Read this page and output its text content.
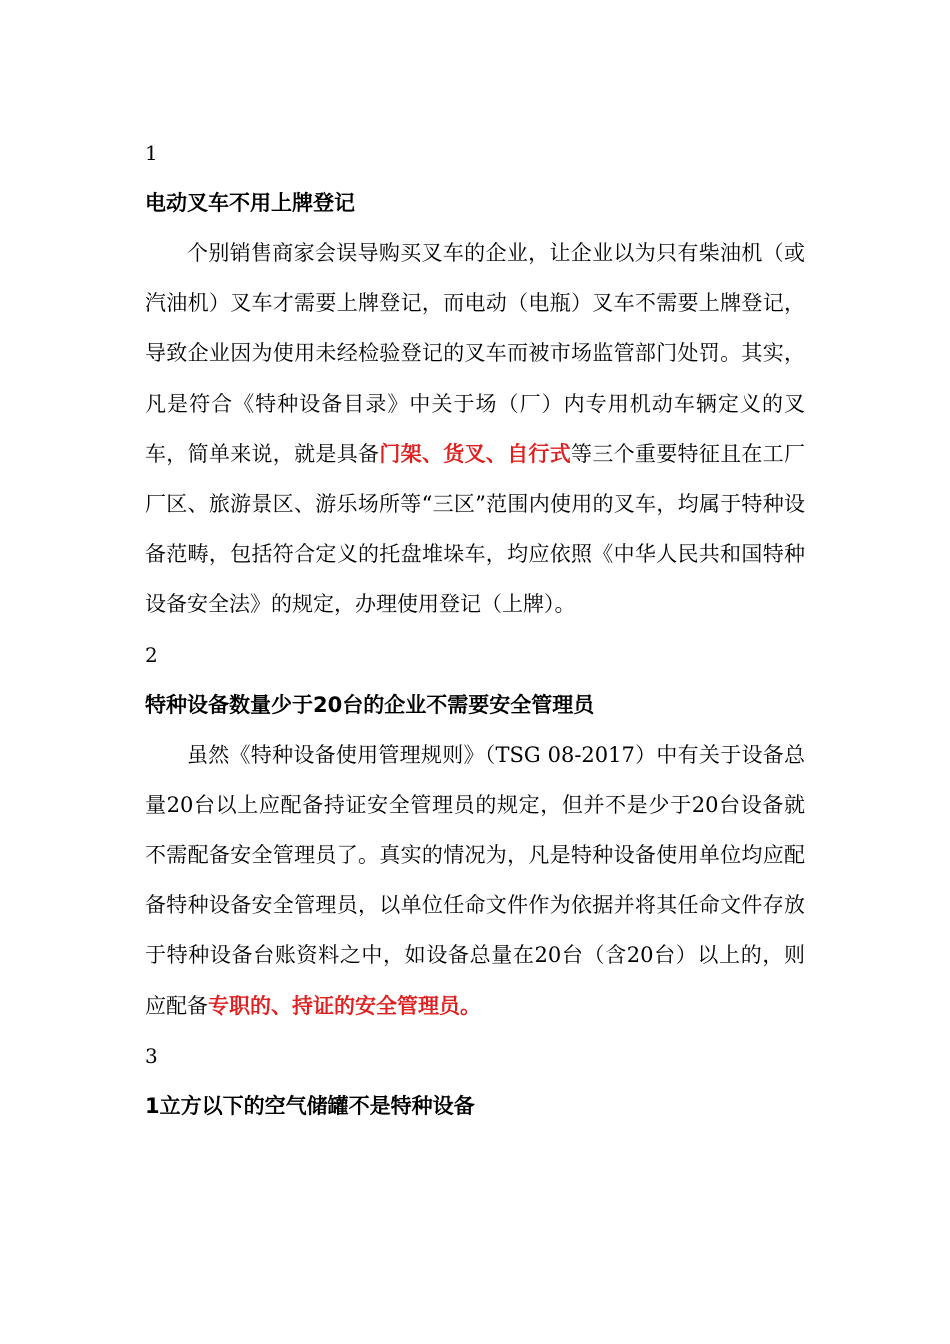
1

电动叉车不用上牌登记

个别销售商家会误导购买叉车的企业，让企业以为只有柴油机（或汽油机）叉车才需要上牌登记，而电动（电瓶）叉车不需要上牌登记，导致企业因为使用未经检验登记的叉车而被市场监管部门处罚。其实，凡是符合《特种设备目录》中关于场（厂）内专用机动车辆定义的叉车，简单来说，就是具备门架、货叉、自行式等三个重要特征且在工厂厂区、旅游景区、游乐场所等“三区”范围内使用的叉车，均属于特种设备范畴，包括符合定义的托盘堆垛车，均应依照《中华人民共和国特种设备安全法》的规定，办理使用登记（上牌）。

2

特种设备数量少于20台的企业不需要安全管理员

虽然《特种设备使用管理规则》（TSG 08-2017）中有关于设备总量20台以上应配备持证安全管理员的规定，但并不是少于20台设备就不需配备安全管理员了。真实的情况为，凡是特种设备使用单位均应配备特种设备安全管理员，以单位任命文件作为依据并将其任命文件存放于特种设备台账资料之中，如设备总量在20台（含20台）以上的，则应配备专职的、持证的安全管理员。

3

1立方以下的空气储罐不是特种设备
